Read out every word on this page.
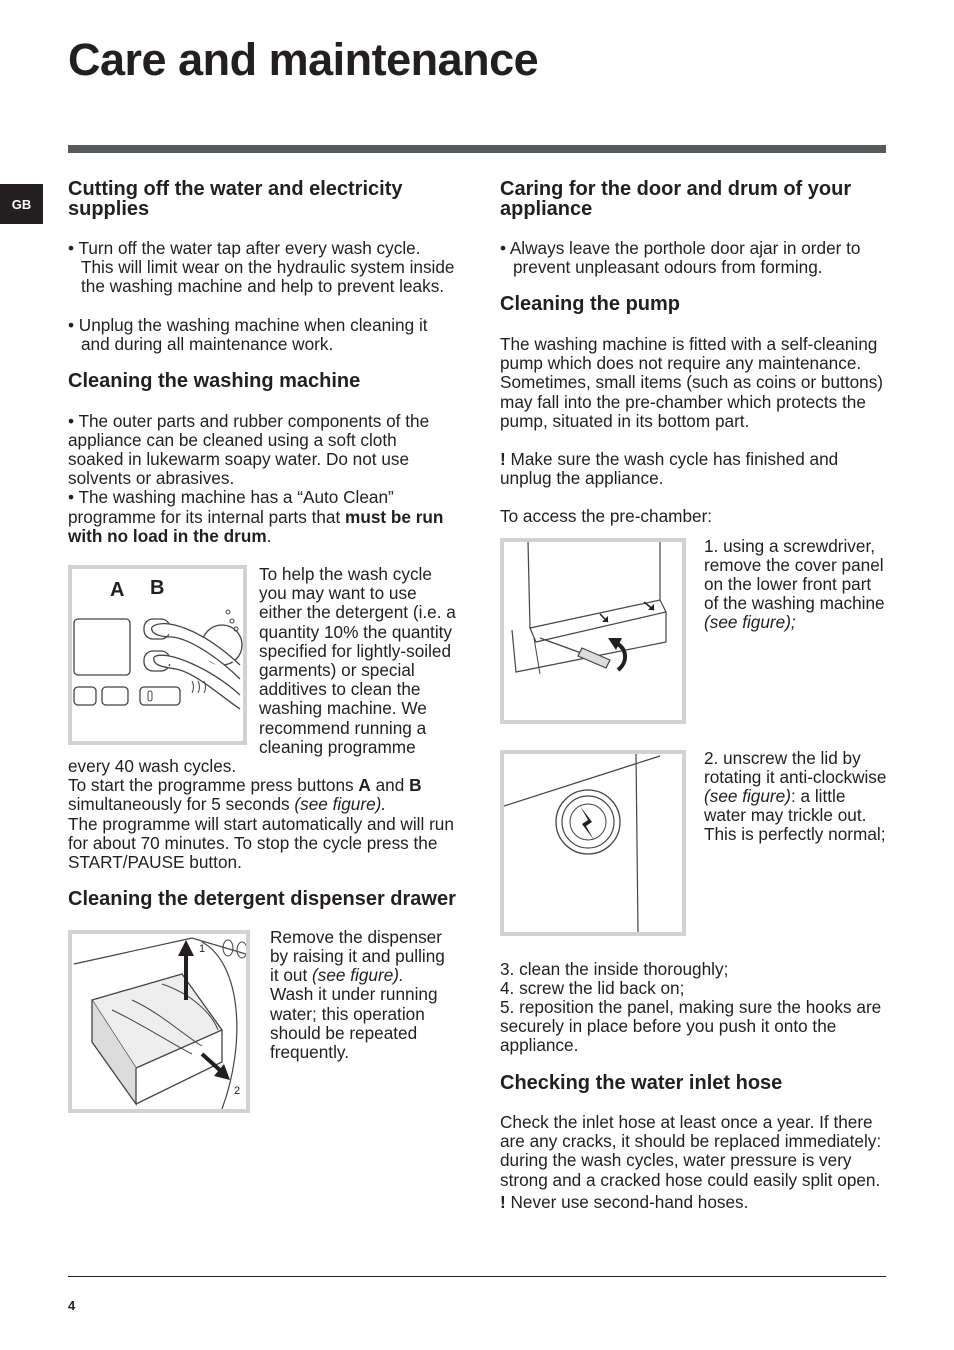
Care and maintenance
GB
Cutting off the water and electricity supplies

• Turn off the water tap after every wash cycle. This will limit wear on the hydraulic system inside the washing machine and help to prevent leaks.

• Unplug the washing machine when cleaning it and during all maintenance work.

Cleaning the washing machine

• The outer parts and rubber components of the appliance can be cleaned using a soft cloth soaked in lukewarm soapy water. Do not use solvents or abrasives.

• The washing machine has a “Auto Clean” programme for its internal parts that must be run with no load in the drum.

A B

To help the wash cycle you may want to use either the detergent (i.e. a quantity 10% the quantity specified for lightly-soiled garments) or special additives to clean the washing machine. We recommend running a cleaning programme every 40 wash cycles.

To start the programme press buttons A and B simultaneously for 5 seconds (see figure).

The programme will start automatically and will run for about 70 minutes. To stop the cycle press the START/PAUSE button.

Cleaning the detergent dispenser drawer
1
2

Remove the dispenser by raising it and pulling it out (see figure).

Wash it under running water; this operation should be repeated frequently.

Caring for the door and drum of your appliance

• Always leave the porthole door ajar in order to prevent unpleasant odours from forming.

Cleaning the pump

The washing machine is fitted with a self-cleaning pump which does not require any maintenance. Sometimes, small items (such as coins or buttons) may fall into the pre-chamber which protects the pump, situated in its bottom part.

! Make sure the wash cycle has finished and unplug the appliance.

To access the pre-chamber:

1. using a screwdriver, remove the cover panel on the lower front part of the washing machine (see figure);

2. unscrew the lid by rotating it anti-clockwise (see figure): a little water may trickle out. This is perfectly normal;

3. clean the inside thoroughly;

4. screw the lid back on;

5. reposition the panel, making sure the hooks are securely in place before you push it onto the appliance.

Checking the water inlet hose

Check the inlet hose at least once a year. If there are any cracks, it should be replaced immediately: during the wash cycles, water pressure is very strong and a cracked hose could easily split open.

! Never use second-hand hoses.

4
